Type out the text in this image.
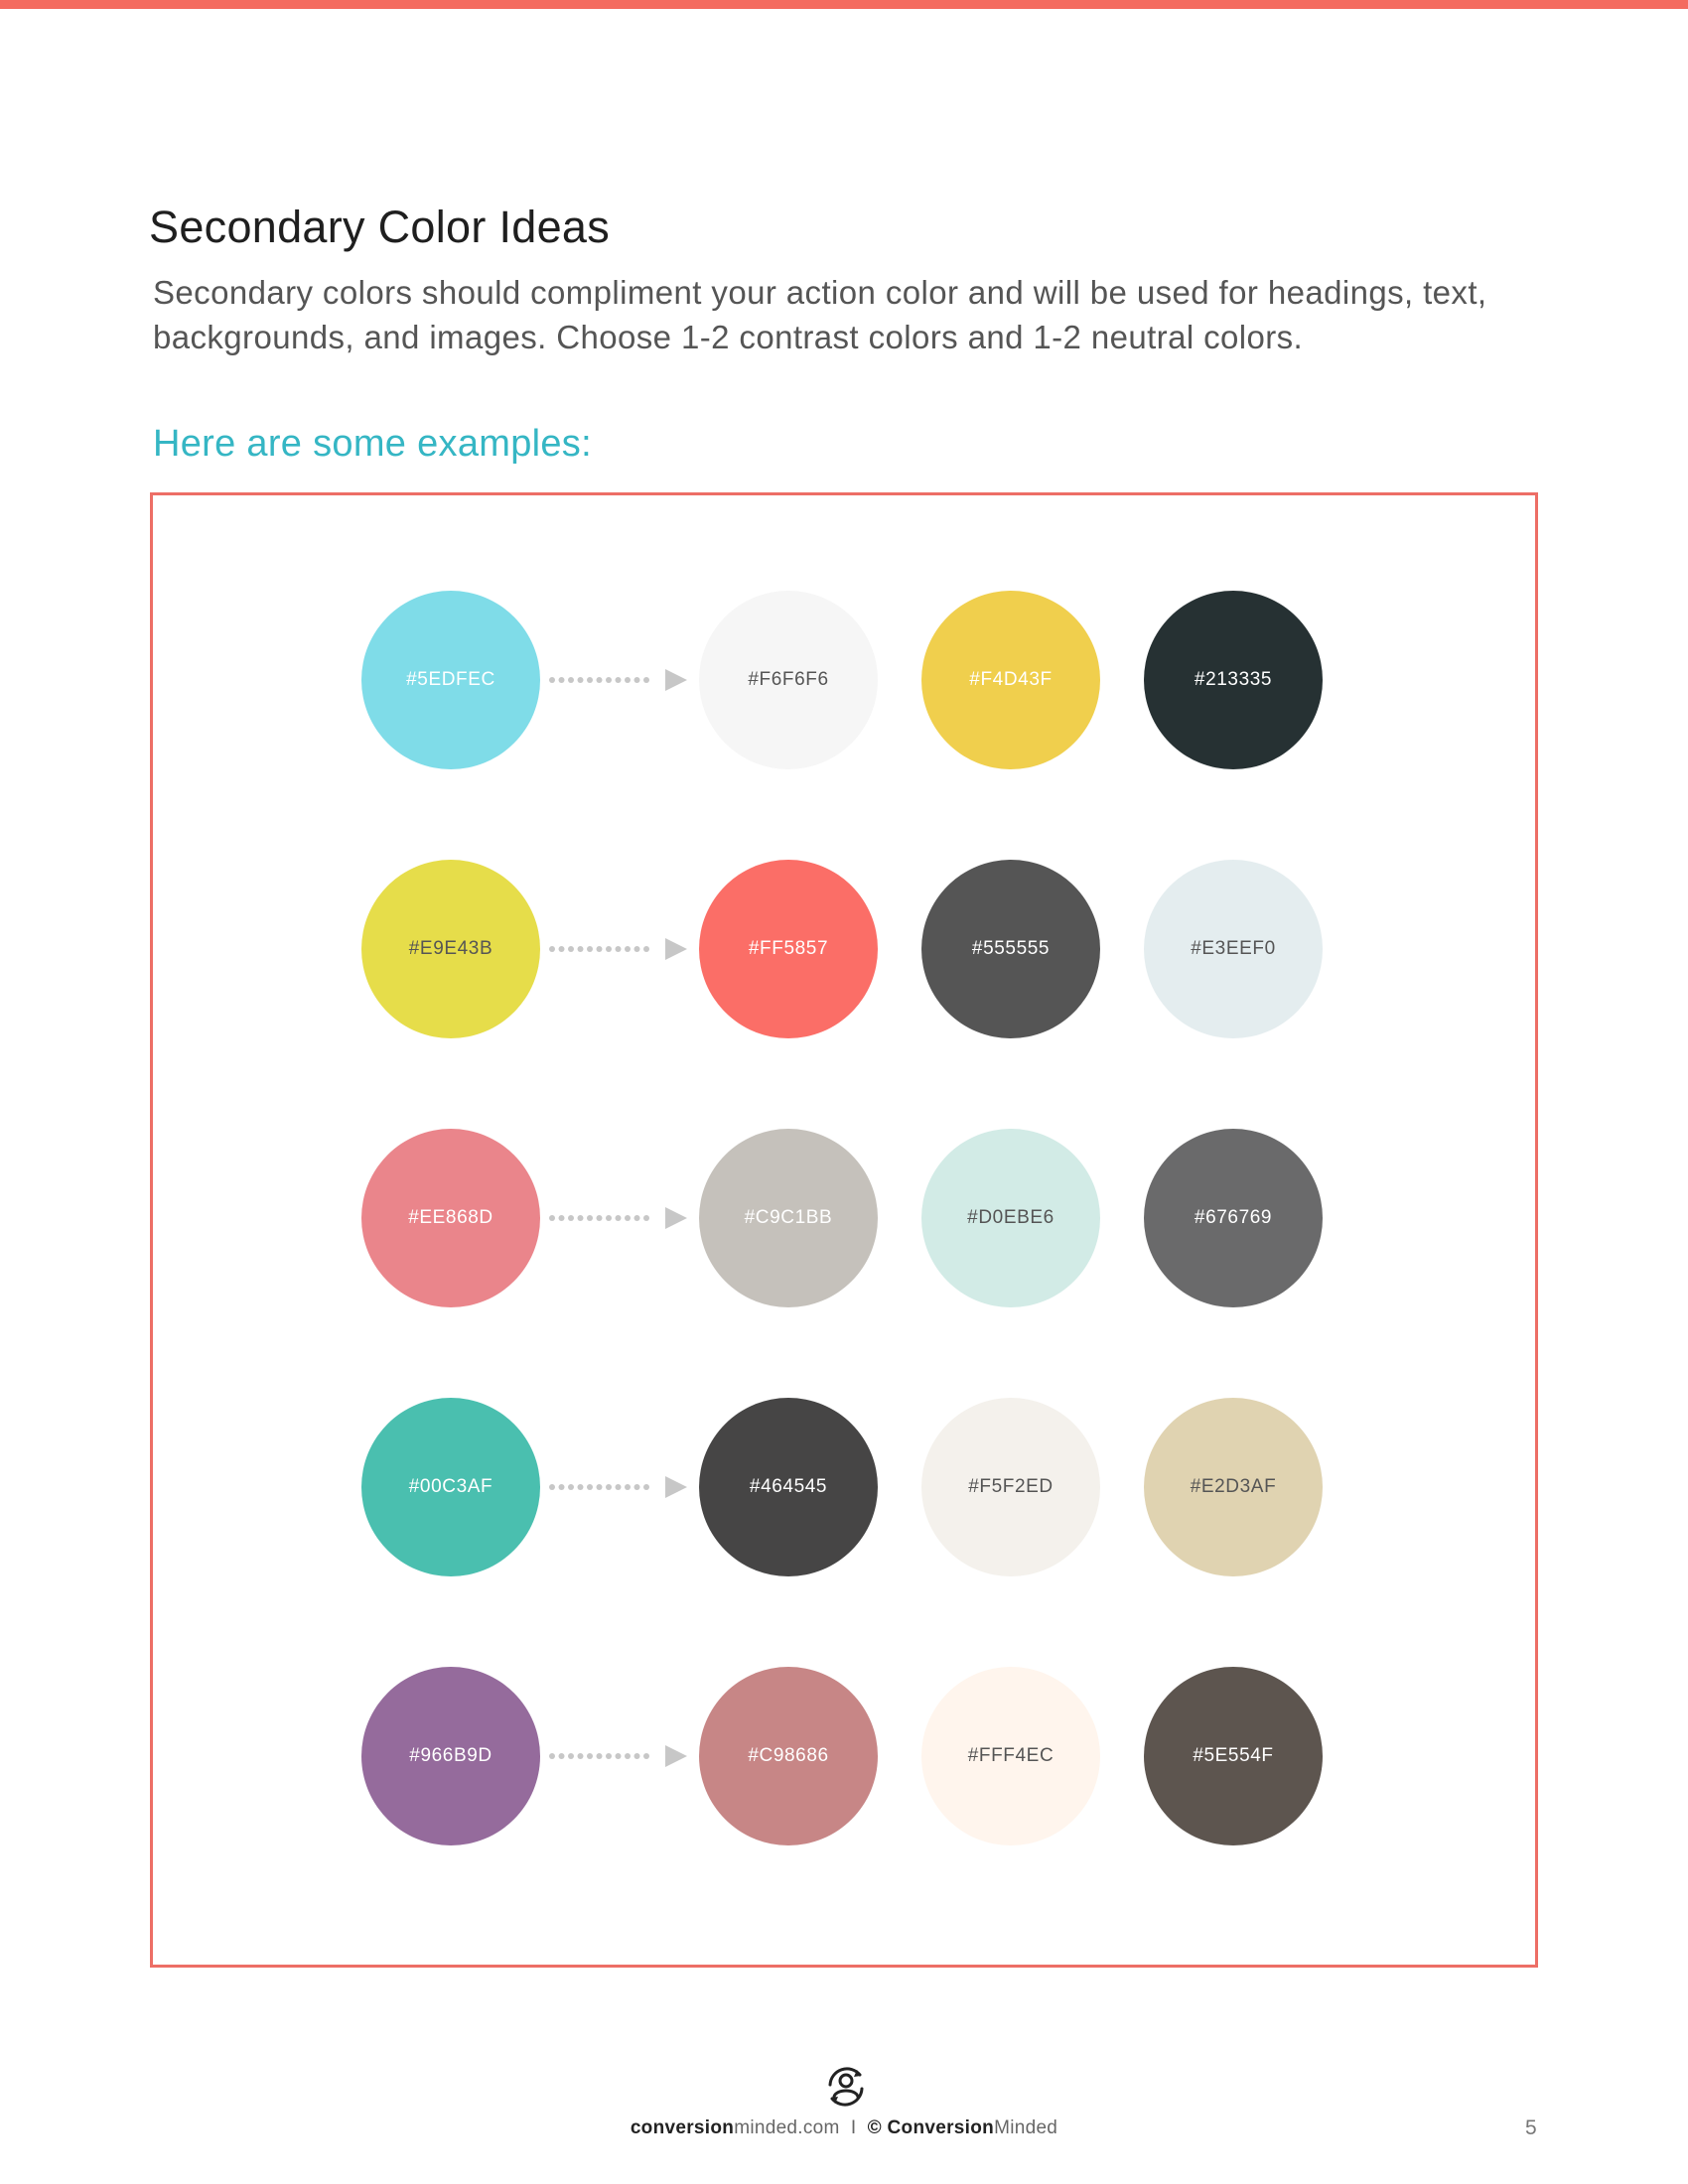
Secondary Color Ideas

Secondary colors should compliment your action color and will be used for headings, text, backgrounds, and images. Choose 1-2 contrast colors and 1-2 neutral colors.

Here are some examples:
#5EDFEC	#F6F6F6	#F4D43F	#213335
#E9E43B	#FF5857	#555555	#E3EEF0
#EE868D	#C9C1BB	#D0EBE6	#676769
#00C3AF	#464545	#F5F2ED	#E2D3AF
#966B9D	#C98686	#FFF4EC	#5E554F
conversionminded.com I © ConversionMinded	5
